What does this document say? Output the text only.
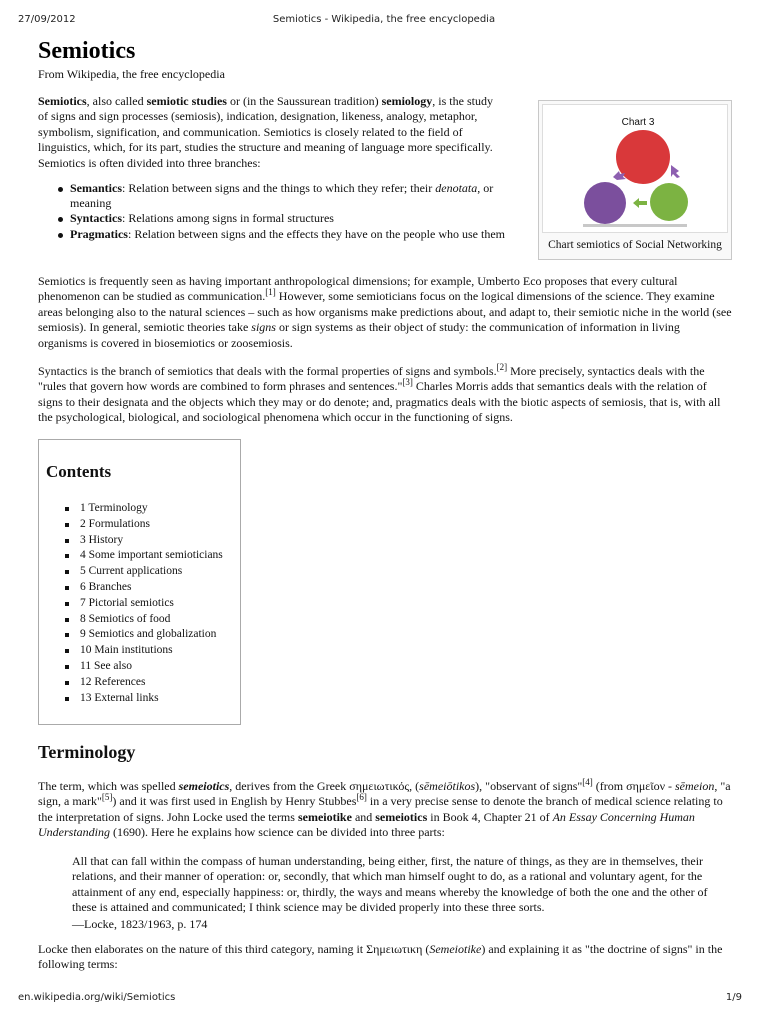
27/09/2012	Semiotics - Wikipedia, the free encyclopedia
Semiotics
From Wikipedia, the free encyclopedia

Semiotics, also called semiotic studies or (in the Saussurean tradition) semiology, is the study of signs and sign processes (semiosis), indication, designation, likeness, analogy, metaphor, symbolism, signification, and communication. Semiotics is closely related to the field of linguistics, which, for its part, studies the structure and meaning of language more specifically. Semiotics is often divided into three branches:

Chart 3
Chart semiotics of Social Networking
Semantics: Relation between signs and the things to which they refer; their denotata, or meaning
Syntactics: Relations among signs in formal structures
Pragmatics: Relation between signs and the effects they have on the people who use them

Semiotics is frequently seen as having important anthropological dimensions; for example, Umberto Eco proposes that every cultural phenomenon can be studied as communication.[1] However, some semioticians focus on the logical dimensions of the science. They examine areas belonging also to the natural sciences – such as how organisms make predictions about, and adapt to, their semiotic niche in the world (see semiosis). In general, semiotic theories take signs or sign systems as their object of study: the communication of information in living organisms is covered in biosemiotics or zoosemiosis.

Syntactics is the branch of semiotics that deals with the formal properties of signs and symbols.[2] More precisely, syntactics deals with the "rules that govern how words are combined to form phrases and sentences."[3] Charles Morris adds that semantics deals with the relation of signs to their designata and the objects which they may or do denote; and, pragmatics deals with the biotic aspects of semiosis, that is, with all the psychological, biological, and sociological phenomena which occur in the functioning of signs.

Contents
1 Terminology
2 Formulations
3 History
4 Some important semioticians
5 Current applications
6 Branches
7 Pictorial semiotics
8 Semiotics of food
9 Semiotics and globalization
10 Main institutions
11 See also
12 References
13 External links
Terminology

The term, which was spelled semeiotics, derives from the Greek σημειωτικός, (sēmeiōtikos), "observant of signs"[4] (from σημεῖον - sēmeion, "a sign, a mark"[5]) and it was first used in English by Henry Stubbes[6] in a very precise sense to denote the branch of medical science relating to the interpretation of signs. John Locke used the terms semeiotike and semeiotics in Book 4, Chapter 21 of An Essay Concerning Human Understanding (1690). Here he explains how science can be divided into three parts:

All that can fall within the compass of human understanding, being either, first, the nature of things, as they are in themselves, their relations, and their manner of operation: or, secondly, that which man himself ought to do, as a rational and voluntary agent, for the attainment of any end, especially happiness: or, thirdly, the ways and means whereby the knowledge of both the one and the other of these is attained and communicated; I think science may be divided properly into these three sorts.

—Locke, 1823/1963, p. 174

Locke then elaborates on the nature of this third category, naming it Σημειωτικη (Semeiotike) and explaining it as "the doctrine of signs" in the following terms:

en.wikipedia.org/wiki/Semiotics	1/9
